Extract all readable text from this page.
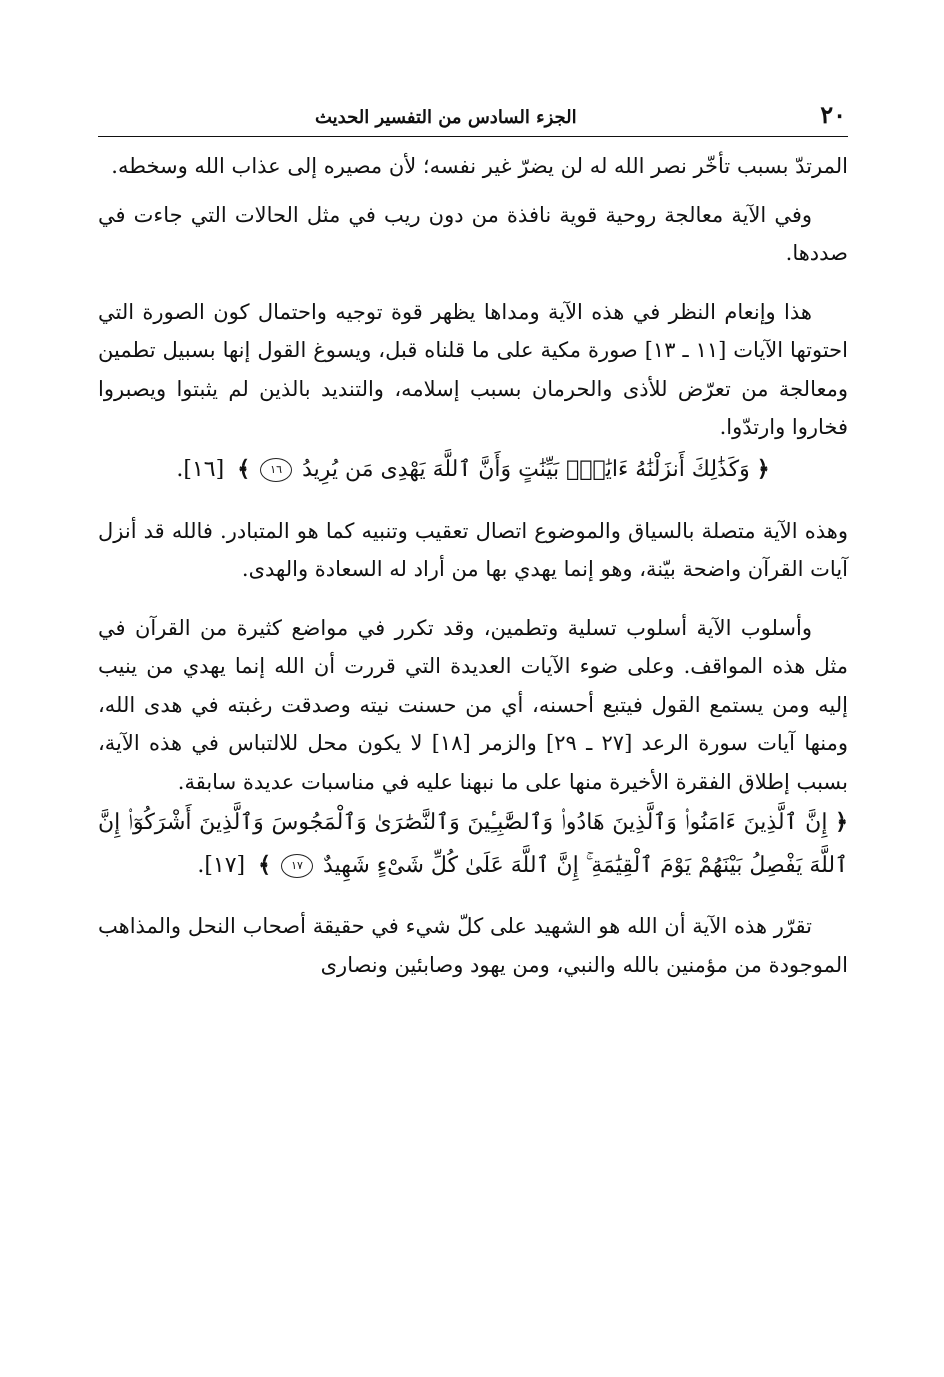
٢٠
الجزء السادس من التفسير الحديث

المرتدّ بسبب تأخّر نصر الله له لن يضرّ غير نفسه؛ لأن مصيره إلى عذاب الله وسخطه.

وفي الآية معالجة روحية قوية نافذة من دون ريب في مثل الحالات التي جاءت في صددها.

هذا وإنعام النظر في هذه الآية ومداها يظهر قوة توجيه واحتمال كون الصورة التي احتوتها الآيات [١١ ـ ١٣] صورة مكية على ما قلناه قبل، ويسوغ القول إنها بسبيل تطمين ومعالجة من تعرّض للأذى والحرمان بسبب إسلامه، والتنديد بالذين لم يثبتوا ويصبروا فخاروا وارتدّوا.

﴿ وَكَذَٰلِكَ أَنزَلْنَٰهُ ءَايَٰتٍۭ بَيِّنَٰتٍ وَأَنَّ ٱللَّهَ يَهْدِى مَن يُرِيدُ ١٦ ﴾ [١٦].

وهذه الآية متصلة بالسياق والموضوع اتصال تعقيب وتنبيه كما هو المتبادر. فالله قد أنزل آيات القرآن واضحة بيّنة، وهو إنما يهدي بها من أراد له السعادة والهدى.

وأسلوب الآية أسلوب تسلية وتطمين، وقد تكرر في مواضع كثيرة من القرآن في مثل هذه المواقف. وعلى ضوء الآيات العديدة التي قررت أن الله إنما يهدي من ينيب إليه ومن يستمع القول فيتبع أحسنه، أي من حسنت نيته وصدقت رغبته في هدى الله، ومنها آيات سورة الرعد [٢٧ ـ ٢٩] والزمر [١٨] لا يكون محل للالتباس في هذه الآية، بسبب إطلاق الفقرة الأخيرة منها على ما نبهنا عليه في مناسبات عديدة سابقة.

﴿ إِنَّ ٱلَّذِينَ ءَامَنُوا۟ وَٱلَّذِينَ هَادُوا۟ وَٱلصَّٰبِـِٔينَ وَٱلنَّصَٰرَىٰ وَٱلْمَجُوسَ وَٱلَّذِينَ أَشْرَكُوٓا۟ إِنَّ ٱللَّهَ يَفْصِلُ بَيْنَهُمْ يَوْمَ ٱلْقِيَٰمَةِ ۚ إِنَّ ٱللَّهَ عَلَىٰ كُلِّ شَىْءٍ شَهِيدٌ ١٧ ﴾ [١٧].

تقرّر هذه الآية أن الله هو الشهيد على كلّ شيء في حقيقة أصحاب النحل والمذاهب الموجودة من مؤمنين بالله والنبي، ومن يهود وصابئين ونصارى
